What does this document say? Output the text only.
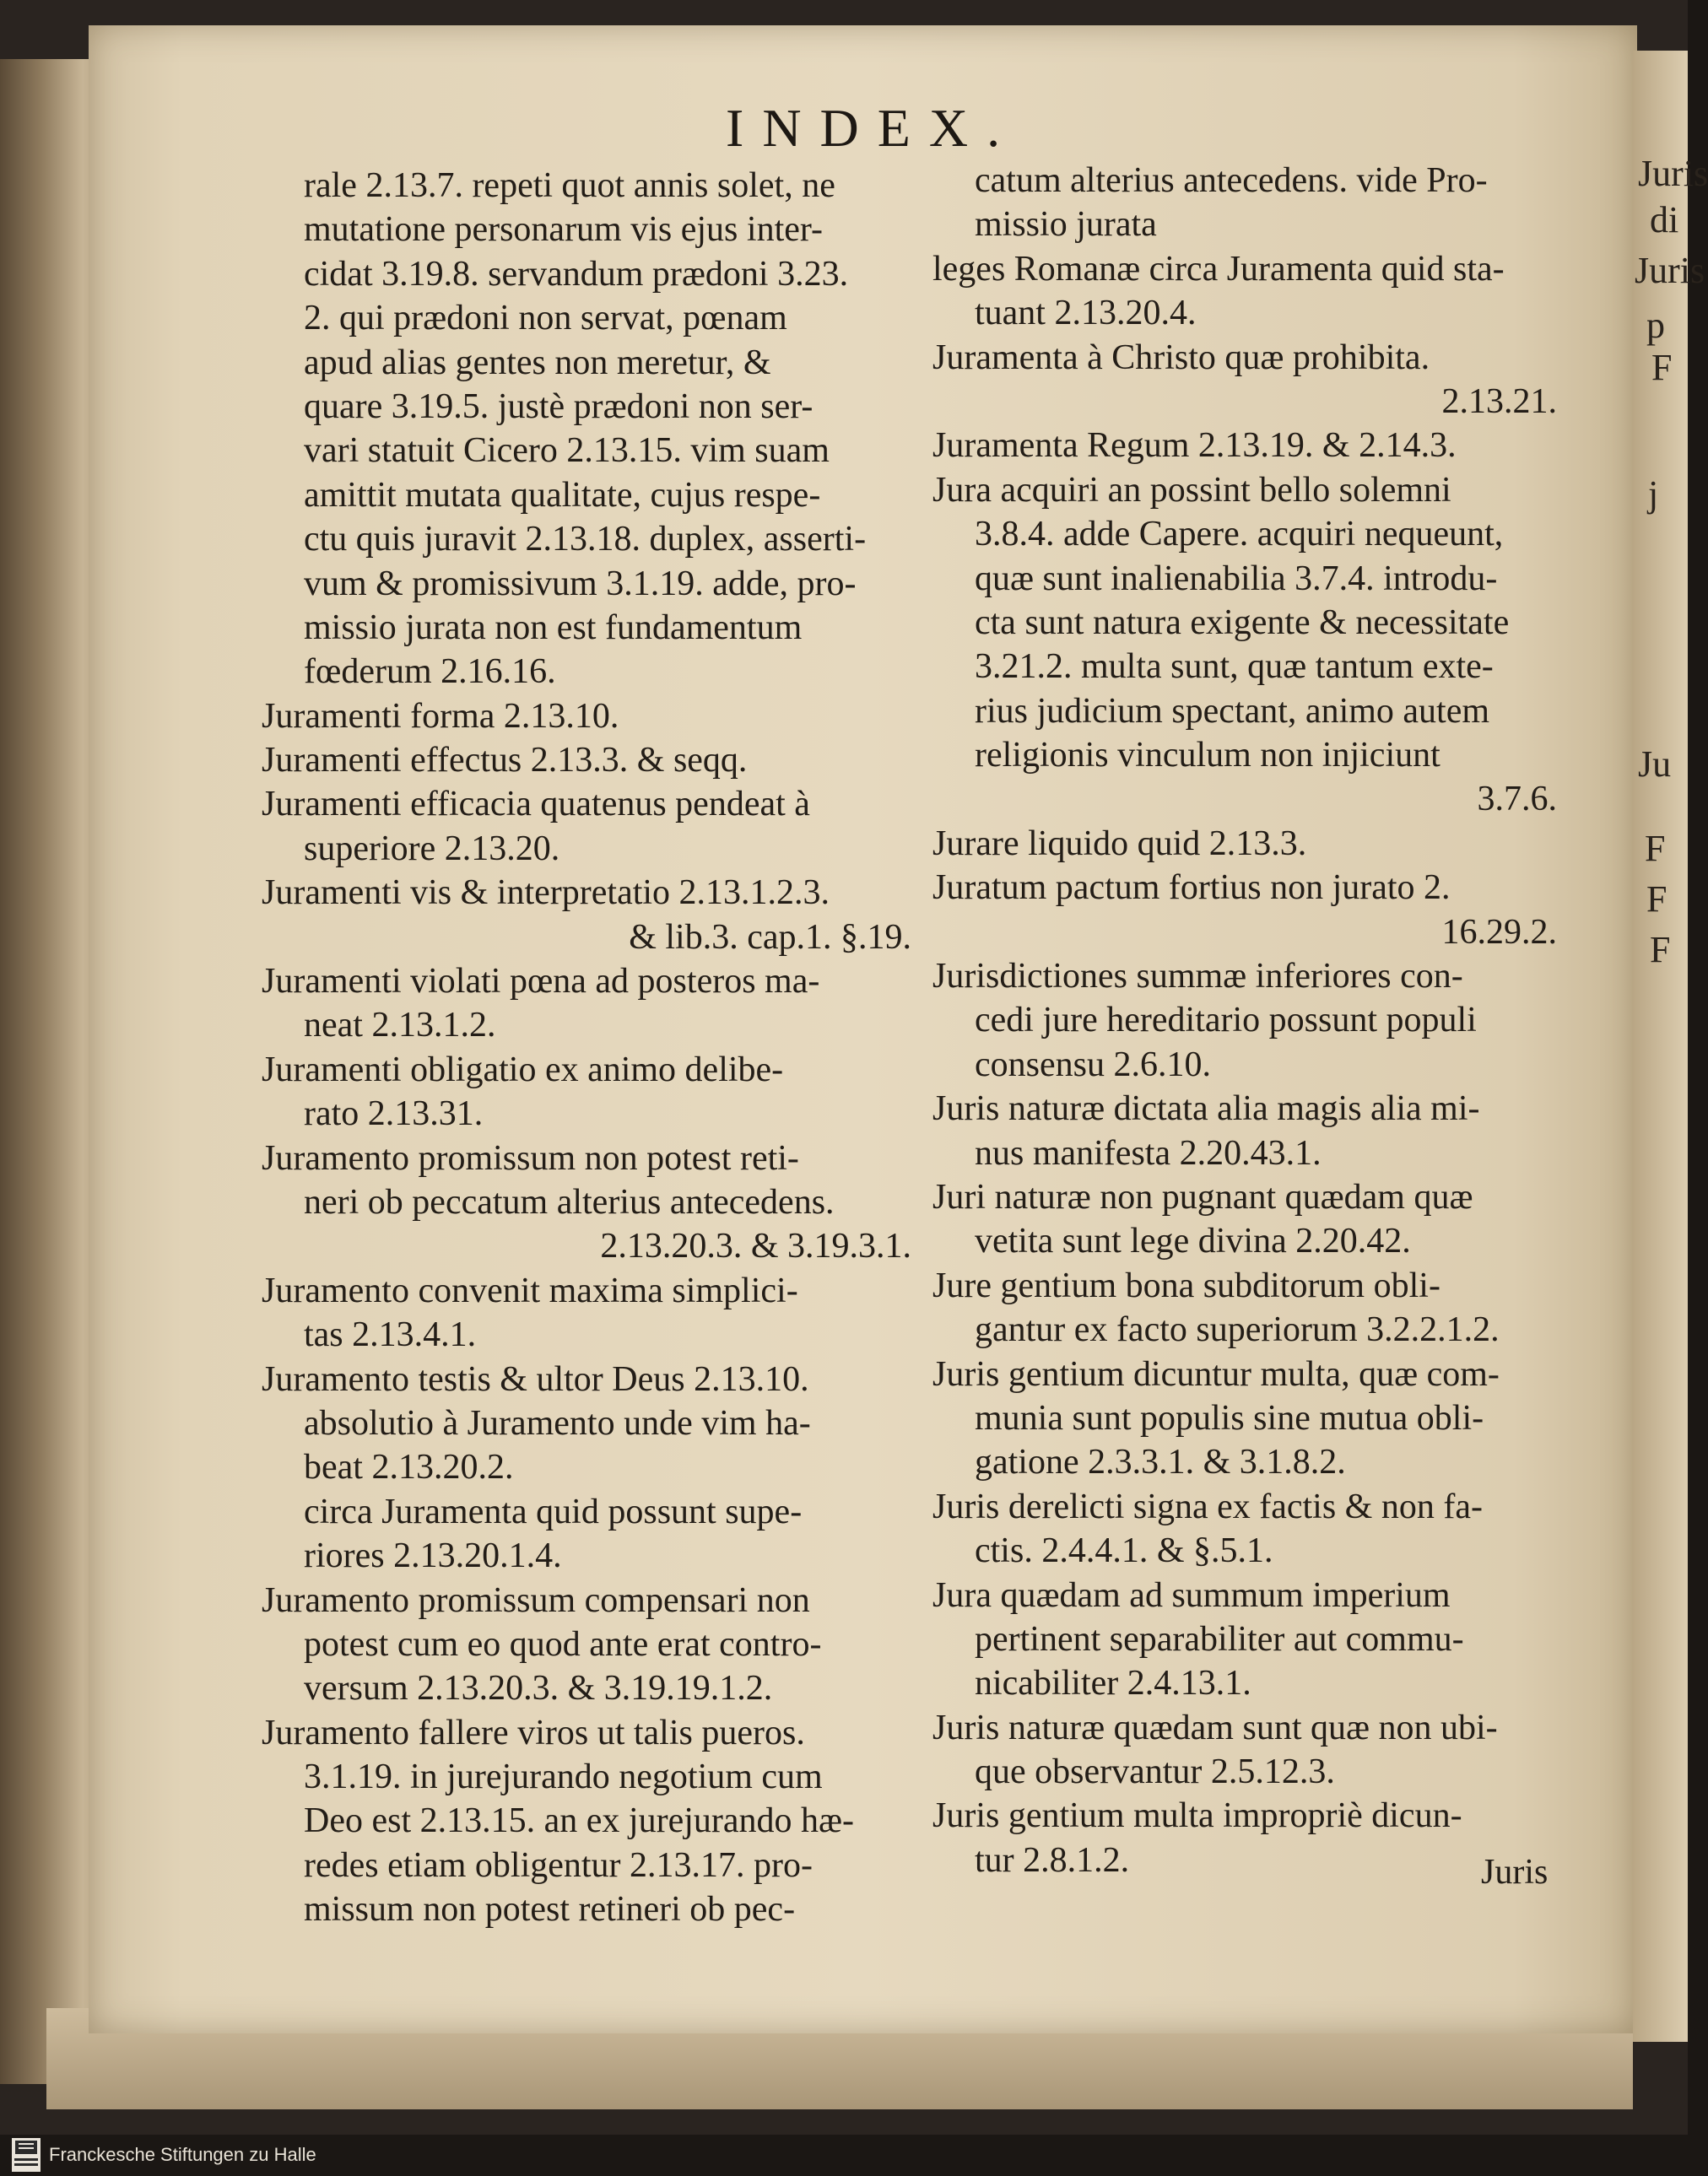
Juris
di
Juris
p
F
j
Ju
F
F
F
INDEX.
rale 2.13.7. repeti quot annis solet, ne
mutatione personarum vis ejus inter-
cidat 3.19.8. servandum prædoni 3.23.
2. qui prædoni non servat, pœnam
apud alias gentes non meretur, &
quare 3.19.5. justè prædoni non ser-
vari statuit Cicero 2.13.15. vim suam
amittit mutata qualitate, cujus respe-
ctu quis juravit 2.13.18. duplex, asserti-
vum & promissivum 3.1.19. adde, pro-
missio jurata non est fundamentum
fœderum 2.16.16.
Juramenti forma 2.13.10.
Juramenti effectus 2.13.3. & seqq.
Juramenti efficacia quatenus pendeat à
superiore 2.13.20.
Juramenti vis & interpretatio 2.13.1.2.3.
& lib.3. cap.1. §.19.
Juramenti violati pœna ad posteros ma-
neat 2.13.1.2.
Juramenti obligatio ex animo delibe-
rato 2.13.31.
Juramento promissum non potest reti-
neri ob peccatum alterius antecedens.
2.13.20.3. & 3.19.3.1.
Juramento convenit maxima simplici-
tas 2.13.4.1.
Juramento testis & ultor Deus 2.13.10.
absolutio à Juramento unde vim ha-
beat 2.13.20.2.
circa Juramenta quid possunt supe-
riores 2.13.20.1.4.
Juramento promissum compensari non
potest cum eo quod ante erat contro-
versum 2.13.20.3. & 3.19.19.1.2.
Juramento fallere viros ut talis pueros.
3.1.19. in jurejurando negotium cum
Deo est 2.13.15. an ex jurejurando hæ-
redes etiam obligentur 2.13.17. pro-
missum non potest retineri ob pec-
catum alterius antecedens. vide Pro-
missio jurata
leges Romanæ circa Juramenta quid sta-
tuant 2.13.20.4.
Juramenta à Christo quæ prohibita.
2.13.21.
Juramenta Regum 2.13.19. & 2.14.3.
Jura acquiri an possint bello solemni
3.8.4. adde Capere. acquiri nequeunt,
quæ sunt inalienabilia 3.7.4. introdu-
cta sunt natura exigente & necessitate
3.21.2. multa sunt, quæ tantum exte-
rius judicium spectant, animo autem
religionis vinculum non injiciunt
3.7.6.
Jurare liquido quid 2.13.3.
Juratum pactum fortius non jurato 2.
16.29.2.
Jurisdictiones summæ inferiores con-
cedi jure hereditario possunt populi
consensu 2.6.10.
Juris naturæ dictata alia magis alia mi-
nus manifesta 2.20.43.1.
Juri naturæ non pugnant quædam quæ
vetita sunt lege divina 2.20.42.
Jure gentium bona subditorum obli-
gantur ex facto superiorum 3.2.2.1.2.
Juris gentium dicuntur multa, quæ com-
munia sunt populis sine mutua obli-
gatione 2.3.3.1. & 3.1.8.2.
Juris derelicti signa ex factis & non fa-
ctis. 2.4.4.1. & §.5.1.
Jura quædam ad summum imperium
pertinent separabiliter aut commu-
nicabiliter 2.4.13.1.
Juris naturæ quædam sunt quæ non ubi-
que observantur 2.5.12.3.
Juris gentium multa impropriè dicun-
tur 2.8.1.2.	Juris
Franckesche Stiftungen zu Halle
